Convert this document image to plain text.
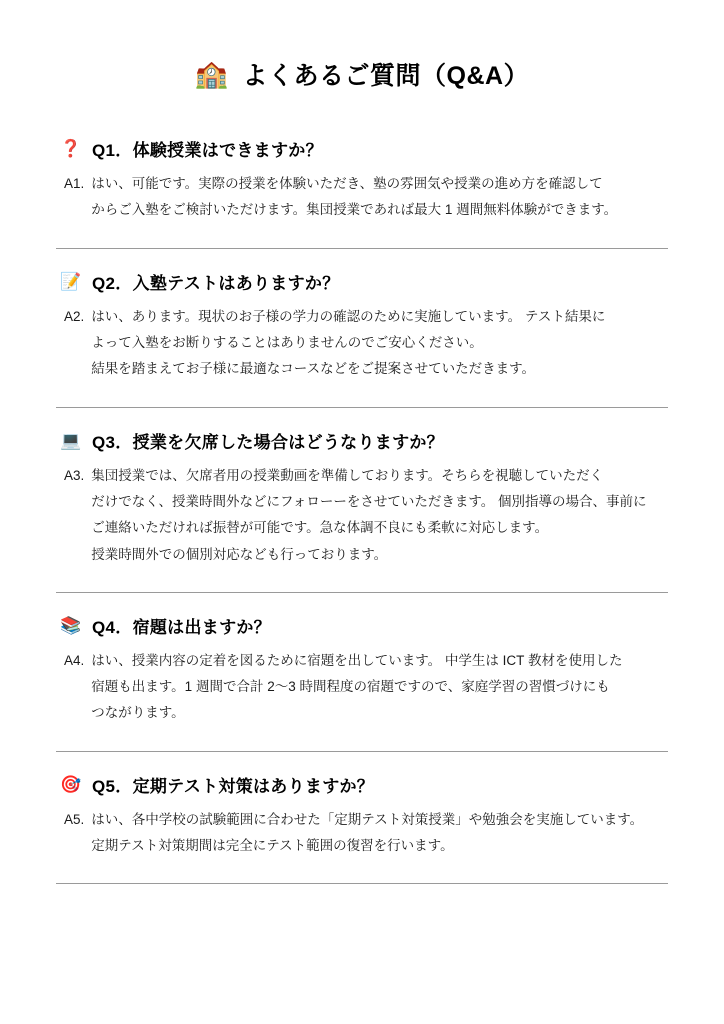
🏫 よくあるご質問（Q&A）
❓ Q1．体験授業はできますか？
A1. はい、可能です。実際の授業を体験いただき、塾の雰囲気や授業の進め方を確認して
からご入塾をご検討いただけます。集団授業であれば最大 1 週間無料体験ができます。
📝 Q2．入塾テストはありますか？
A2. はい、あります。現状のお子様の学力の確認のために実施しています。 テスト結果に
よって入塾をお断りすることはありませんのでご安心ください。
結果を踏まえてお子様に最適なコースなどをご提案させていただきます。
💻 Q3．授業を欠席した場合はどうなりますか？
A3. 集団授業では、欠席者用の授業動画を準備しております。そちらを視聴していただく
だけでなく、授業時間外などにフォローーをさせていただきます。 個別指導の場合、事前に
ご連絡いただければ振替が可能です。急な体調不良にも柔軟に対応します。
授業時間外での個別対応なども行っております。
📚 Q4．宿題は出ますか？
A4. はい、授業内容の定着を図るために宿題を出しています。 中学生は ICT 教材を使用した
宿題も出ます。1 週間で合計 2〜3 時間程度の宿題ですので、家庭学習の習慣づけにも
つながります。
🎯 Q5．定期テスト対策はありますか？
A5. はい、各中学校の試験範囲に合わせた「定期テスト対策授業」や勉強会を実施しています。
定期テスト対策期間は完全にテスト範囲の復習を行います。
